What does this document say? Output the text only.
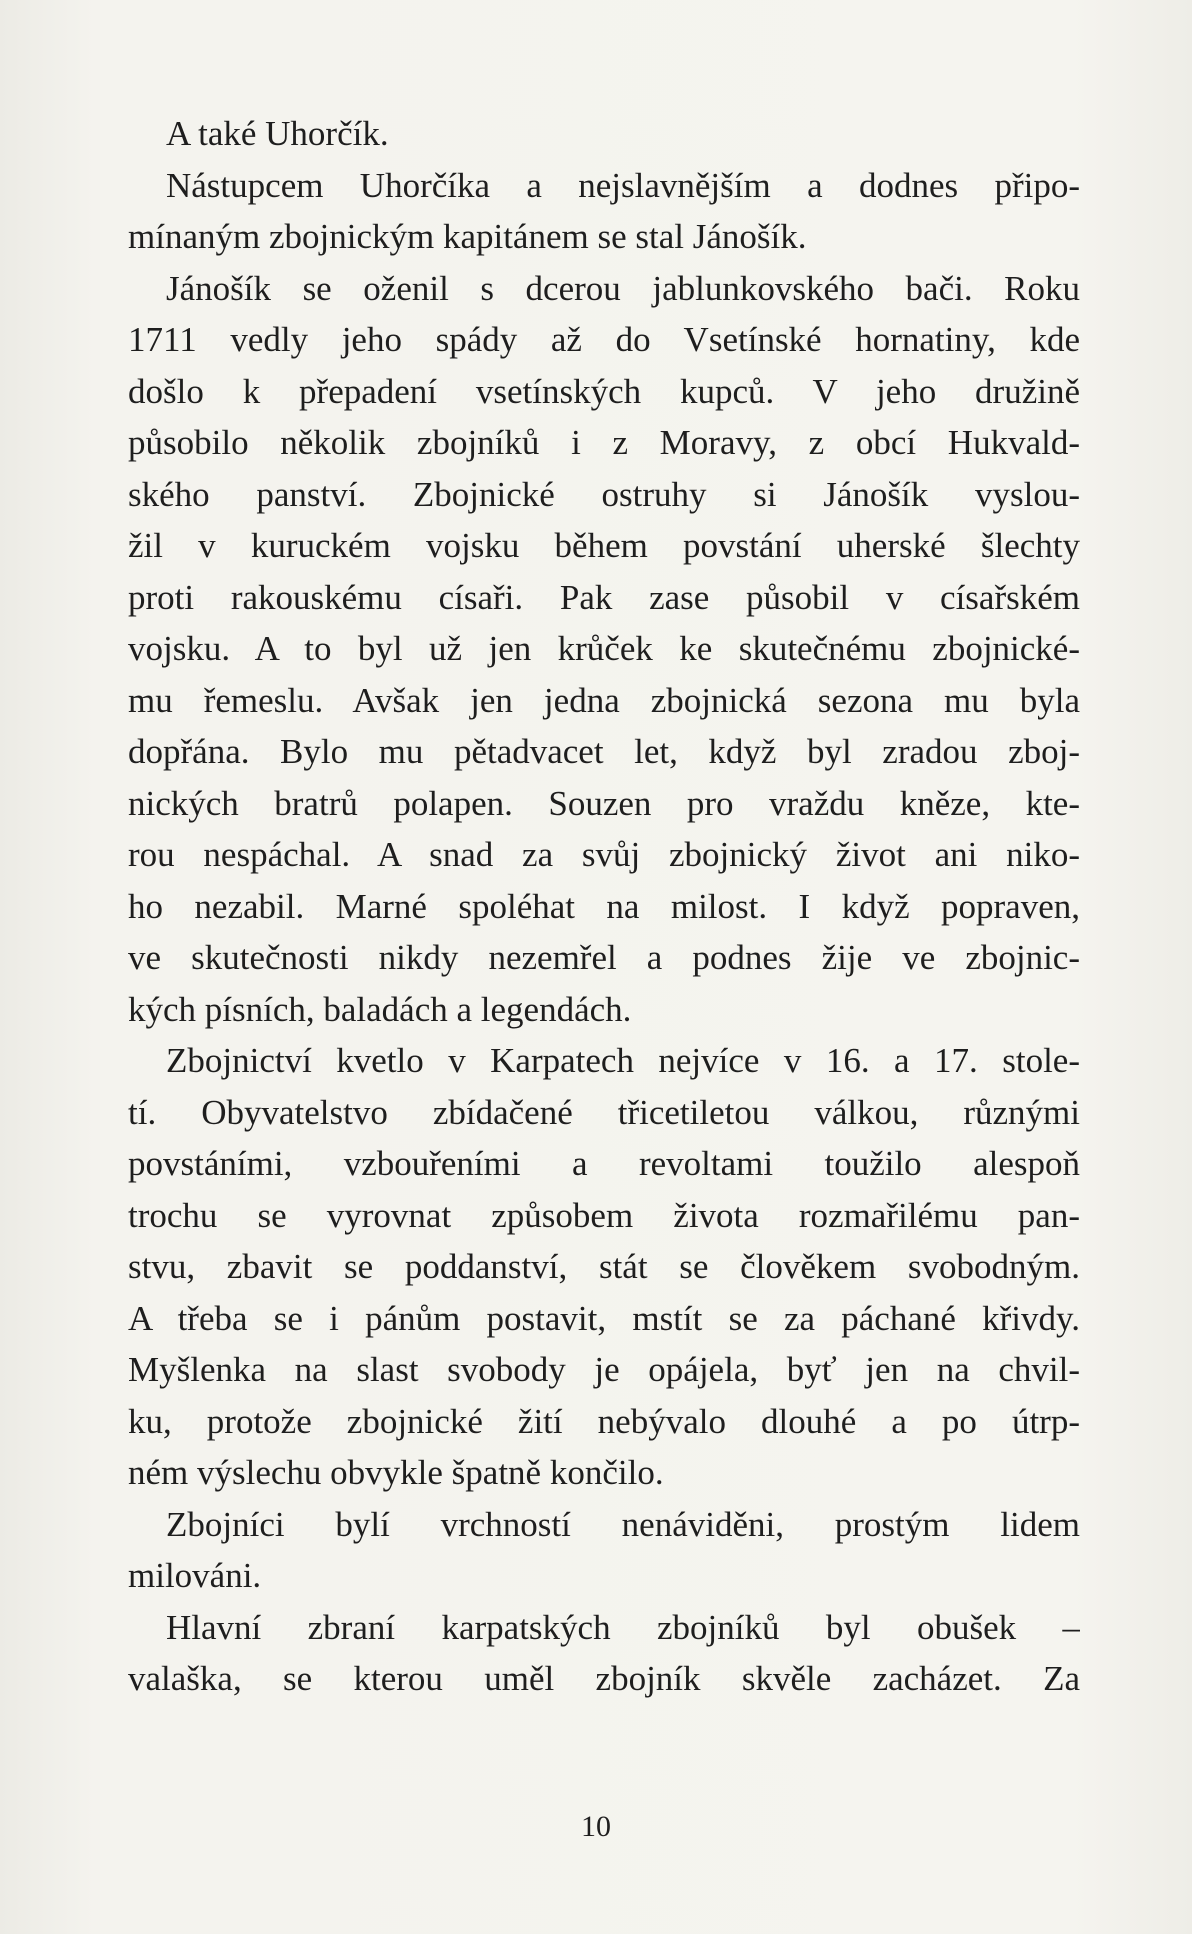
A také Uhorčík.
Nástupcem Uhorčíka a nejslavnějším a dodnes připo-
mínaným zbojnickým kapitánem se stal Jánošík.
Jánošík se oženil s dcerou jablunkovského bači. Roku
1711 vedly jeho spády až do Vsetínské hornatiny, kde
došlo k přepadení vsetínských kupců. V jeho družině
působilo několik zbojníků i z Moravy, z obcí Hukvald-
ského panství. Zbojnické ostruhy si Jánošík vyslou-
žil v kuruckém vojsku během povstání uherské šlechty
proti rakouskému císaři. Pak zase působil v císařském
vojsku. A to byl už jen krůček ke skutečnému zbojnické-
mu řemeslu. Avšak jen jedna zbojnická sezona mu byla
dopřána. Bylo mu pětadvacet let, když byl zradou zboj-
nických bratrů polapen. Souzen pro vraždu kněze, kte-
rou nespáchal. A snad za svůj zbojnický život ani niko-
ho nezabil. Marné spoléhat na milost. I když popraven,
ve skutečnosti nikdy nezemřel a podnes žije ve zbojnic-
kých písních, baladách a legendách.
Zbojnictví kvetlo v Karpatech nejvíce v 16. a 17. stole-
tí. Obyvatelstvo zbídačené třicetiletou válkou, různými
povstáními, vzbouřeními a revoltami toužilo alespoň
trochu se vyrovnat způsobem života rozmařilému pan-
stvu, zbavit se poddanství, stát se člověkem svobodným.
A třeba se i pánům postavit, mstít se za páchané křivdy.
Myšlenka na slast svobody je opájela, byť jen na chvil-
ku, protože zbojnické žití nebývalo dlouhé a po útrp-
ném výslechu obvykle špatně končilo.
Zbojníci bylí vrchností nenáviděni, prostým lidem
milováni.
Hlavní zbraní karpatských zbojníků byl obušek –
valaška, se kterou uměl zbojník skvěle zacházet. Za
10
